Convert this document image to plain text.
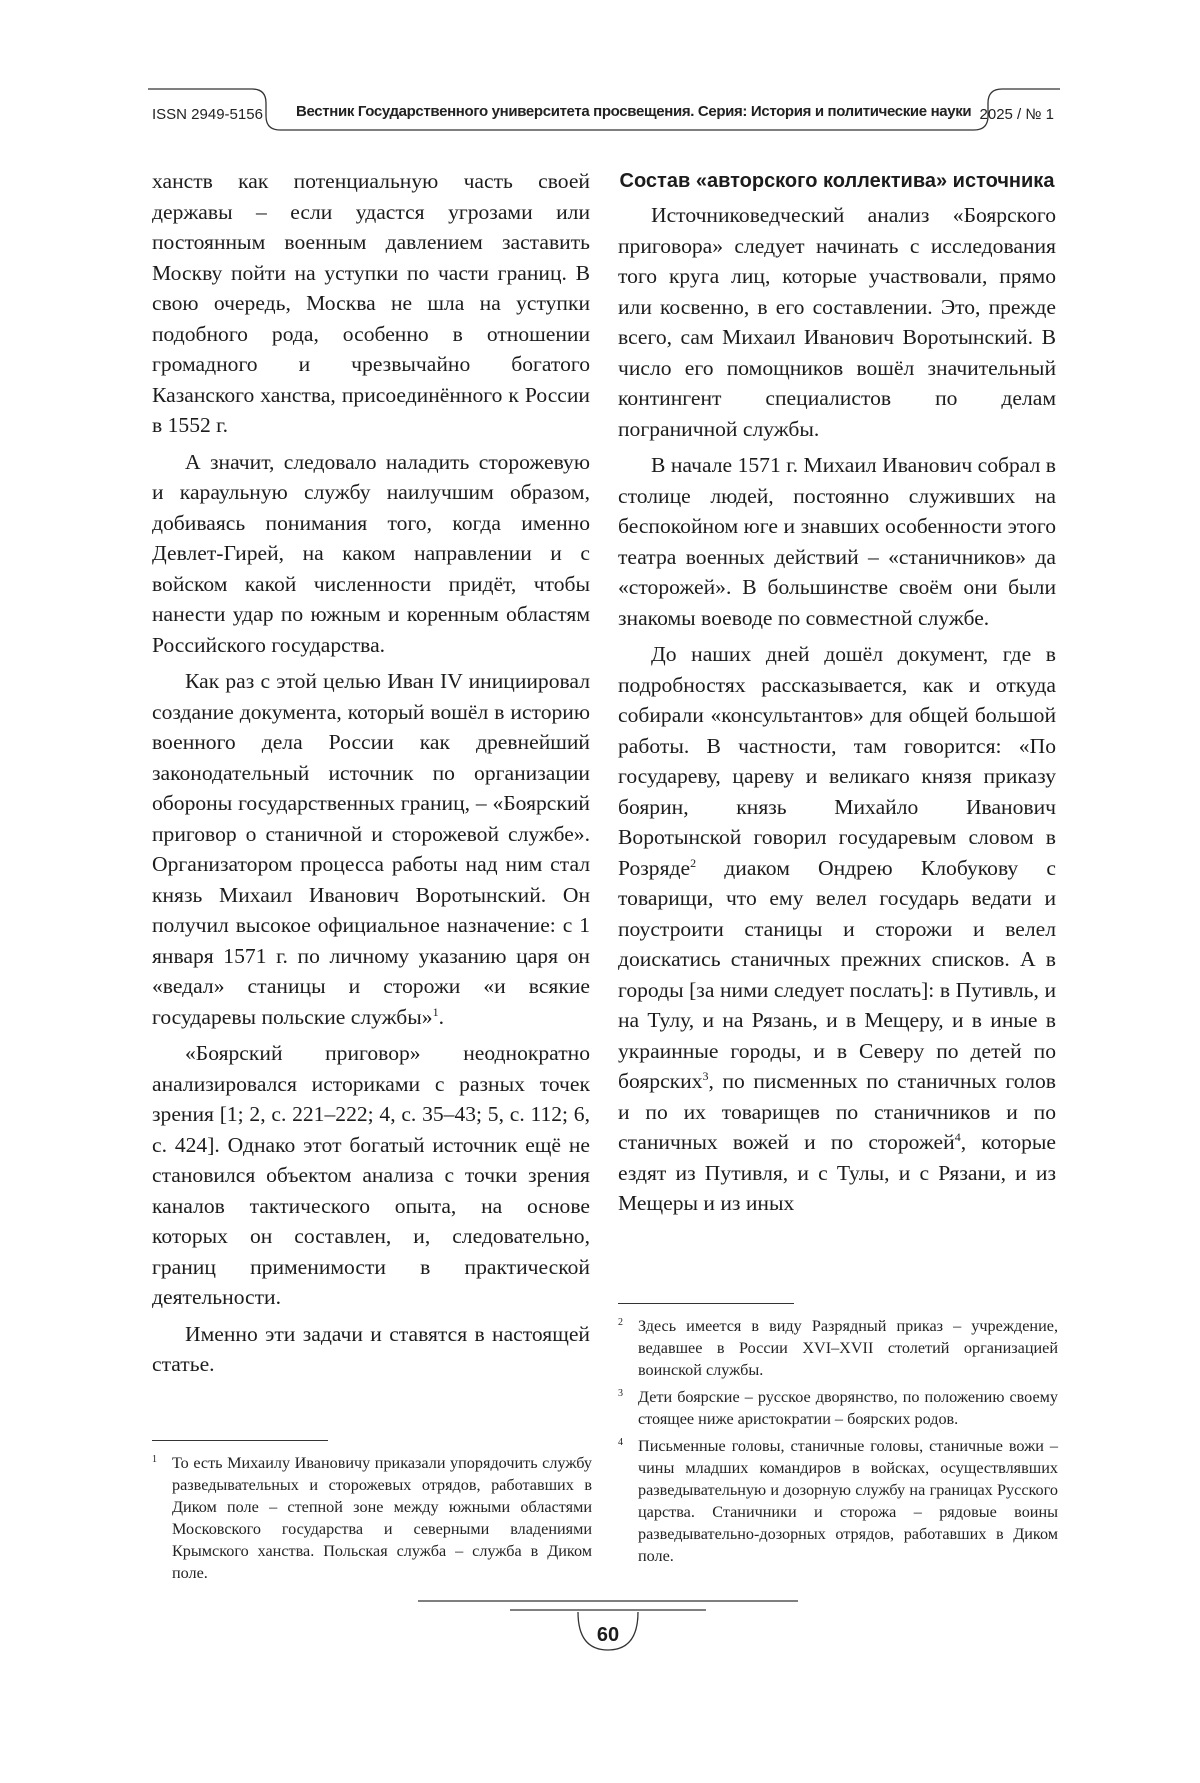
ISSN 2949-5156 Вестник Государственного университета просвещения. Серия: История и политические науки 2025 / № 1

ханств как потенциальную часть своей державы – если удастся угрозами или постоянным военным давлением заставить Москву пойти на уступки по части границ. В свою очередь, Москва не шла на уступки подобного рода, особенно в отношении громадного и чрезвычайно богатого Казанского ханства, присоединённого к России в 1552 г.

А значит, следовало наладить сторожевую и караульную службу наилучшим образом, добиваясь понимания того, когда именно Девлет-Гирей, на каком направлении и с войском какой численности придёт, чтобы нанести удар по южным и коренным областям Российского государства.

Как раз с этой целью Иван IV инициировал создание документа, который вошёл в историю военного дела России как древнейший законодательный источник по организации обороны государственных границ, – «Боярский приговор о станичной и сторожевой службе». Организатором процесса работы над ним стал князь Михаил Иванович Воротынский. Он получил высокое официальное назначение: с 1 января 1571 г. по личному указанию царя он «ведал» станицы и сторожи «и всякие государевы польские службы»$^1$.

«Боярский приговор» неоднократно анализировался историками с разных точек зрения [1; 2, с. 221–222; 4, с. 35–43; 5, с. 112; 6, с. 424]. Однако этот богатый источник ещё не становился объектом анализа с точки зрения каналов тактического опыта, на основе которых он составлен, и, следовательно, границ применимости в практической деятельности.

Именно эти задачи и ставятся в настоящей статье.

Состав «авторского коллектива» источника

Источниковедческий анализ «Боярского приговора» следует начинать с исследования того круга лиц, которые участвовали, прямо или косвенно, в его составлении. Это, прежде всего, сам Михаил Иванович Воротынский. В число его помощников вошёл значительный контингент специалистов по делам пограничной службы.

В начале 1571 г. Михаил Иванович собрал в столице людей, постоянно служивших на беспокойном юге и знавших особенности этого театра военных действий – «станичников» да «сторожей». В большинстве своём они были знакомы воеводе по совместной службе.

До наших дней дошёл документ, где в подробностях рассказывается, как и откуда собирали «консультантов» для общей большой работы. В частности, там говорится: «По государеву, цареву и великаго князя приказу боярин, князь Михайло Иванович Воротынской говорил государевым словом в Розряде$^2$ диаком Ондрею Клобукову с товарищи, что ему велел государь ведати и поустроити станицы и сторожи и велел доискатись станичных прежних списков. А в городы [за ними следует послать]: в Путивль, и на Тулу, и на Рязань, и в Мещеру, и в иные в украинные городы, и в Северу по детей по боярских$^3$, по писменных по станичных голов и по их товарищев по станичников и по станичных вожей и по сторожей$^4$, которые ездят из Путивля, и с Тулы, и с Рязани, и из Мещеры и из иных

1 То есть Михаилу Ивановичу приказали упорядочить службу разведывательных и сторожевых отрядов, работавших в Диком поле – степной зоне между южными областями Московского государства и северными владениями Крымского ханства. Польская служба – служба в Диком поле.
2 Здесь имеется в виду Разрядный приказ – учреждение, ведавшее в России XVI–XVII столетий организацией воинской службы.
3 Дети боярские – русское дворянство, по положению своему стоящее ниже аристократии – боярских родов.
4 Письменные головы, станичные головы, станичные вожи – чины младших командиров в войсках, осуществлявших разведывательную и дозорную службу на границах Русского царства. Станичники и сторожа – рядовые воины разведывательно-дозорных отрядов, работавших в Диком поле.
60
